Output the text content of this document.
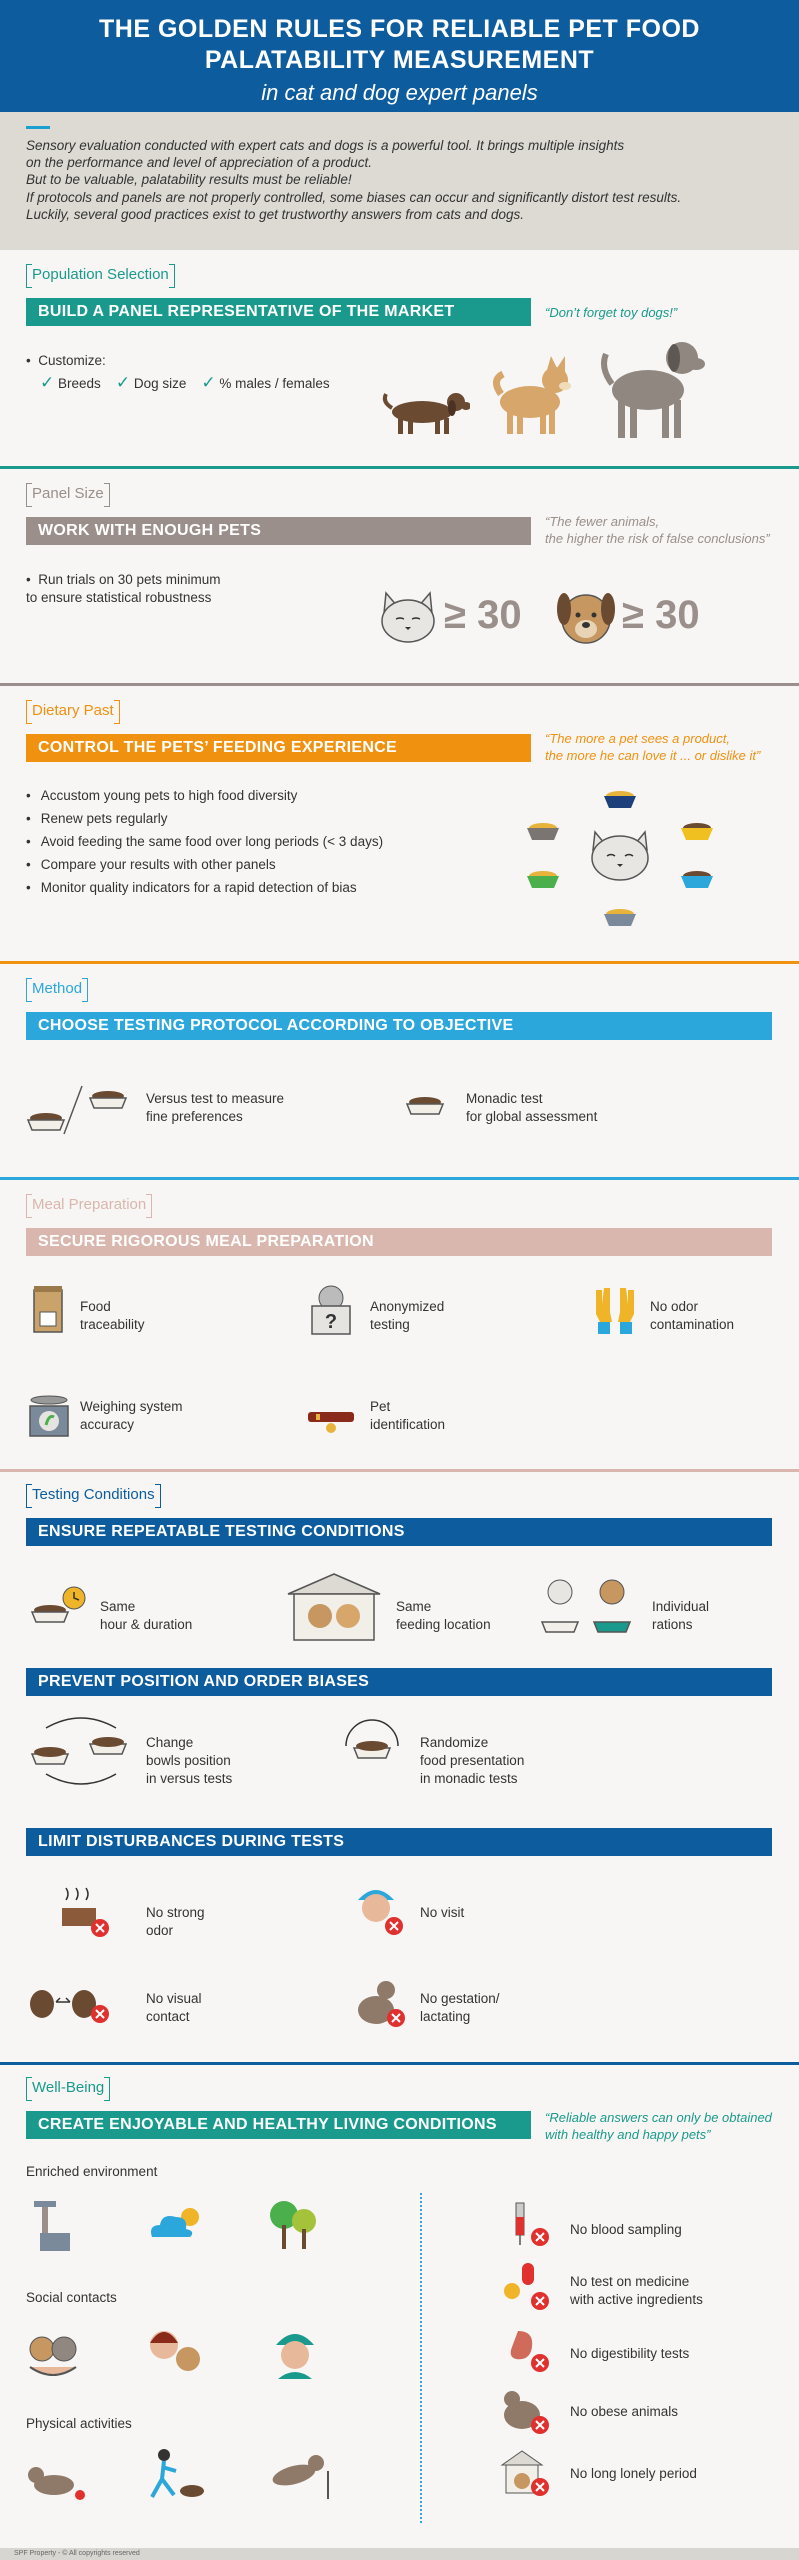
THE GOLDEN RULES FOR RELIABLE PET FOOD
PALATABILITY MEASUREMENT
in cat and dog expert panels

Sensory evaluation conducted with expert cats and dogs is a powerful tool. It brings multiple insights

on the performance and level of appreciation of a product.

But to be valuable, palatability results must be reliable!

If protocols and panels are not properly controlled, some biases can occur and significantly distort test results.

Luckily, several good practices exist to get trustworthy answers from cats and dogs.

Population Selection
BUILD A PANEL REPRESENTATIVE OF THE MARKET	“Don’t forget toy dogs!”
•  Customize:
✓ Breeds ✓ Dog size ✓ % males / females
Panel Size
WORK WITH ENOUGH PETS
“The fewer animals,
the higher the risk of false conclusions”
•  Run trials on 30 pets minimum
to ensure statistical robustness	≥ 30	≥ 30
Dietary Past
CONTROL THE PETS’ FEEDING EXPERIENCE
“The more a pet sees a product,
the more he can love it ... or dislike it”
• Accustom young pets to high food diversity
• Renew pets regularly
• Avoid feeding the same food over long periods (< 3 days)
• Compare your results with other panels
• Monitor quality indicators for a rapid detection of bias
Method
CHOOSE TESTING PROTOCOL ACCORDING TO OBJECTIVE
Versus test to measure
fine preferences
Monadic test
for global assessment
Meal Preparation
SECURE RIGOROUS MEAL PREPARATION
Food
traceability	?
Anonymized
testing
No odor
contamination
Weighing system
accuracy
Pet
identification
Testing Conditions
ENSURE REPEATABLE TESTING CONDITIONS
Same
hour & duration
Same
feeding location
Individual
rations
PREVENT POSITION AND ORDER BIASES
Change
bowls position
in versus tests
Randomize
food presentation
in monadic tests
LIMIT DISTURBANCES DURING TESTS
No strong
odor
No visit
No visual
contact
No gestation/
lactating
Well-Being
CREATE ENJOYABLE AND HEALTHY LIVING CONDITIONS	“Reliable answers can only be obtained
with healthy and happy pets”
Enriched environment
Social contacts
Physical activities
No blood sampling
No test on medicine
with active ingredients
No digestibility tests
No obese animals
No long lonely period
SPF Property - © All copyrights reserved
